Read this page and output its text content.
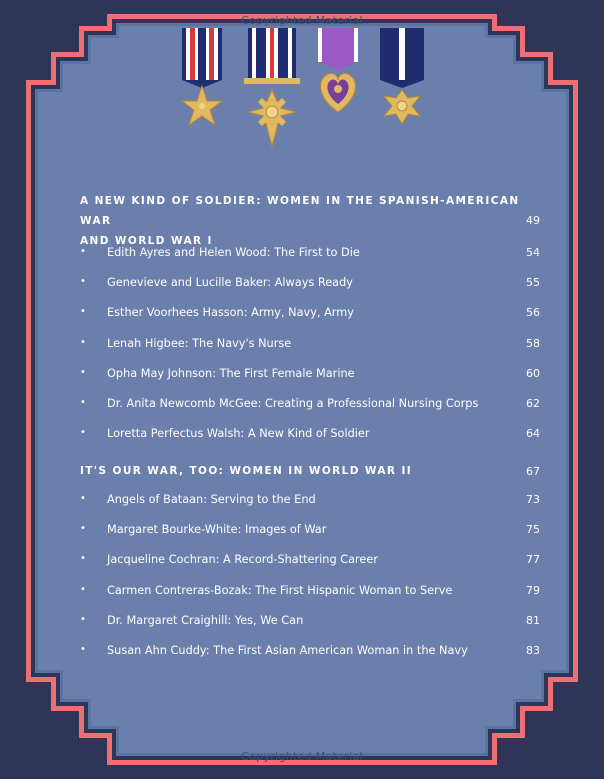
Copyrighted Material
Copyrighted Material
A NEW KIND OF SOLDIER: WOMEN IN THE SPANISH-AMERICAN WAR
AND WORLD WAR I
49
• Edith Ayres and Helen Wood: The First to Die	54
• Genevieve and Lucille Baker: Always Ready	55
• Esther Voorhees Hasson: Army, Navy, Army	56
• Lenah Higbee: The Navy's Nurse	58
• Opha May Johnson: The First Female Marine	60
• Dr. Anita Newcomb McGee: Creating a Professional Nursing Corps	62
• Loretta Perfectus Walsh: A New Kind of Soldier	64
IT'S OUR WAR, TOO: WOMEN IN WORLD WAR II	67
• Angels of Bataan: Serving to the End	73
• Margaret Bourke-White: Images of War	75
• Jacqueline Cochran: A Record-Shattering Career	77
• Carmen Contreras-Bozak: The First Hispanic Woman to Serve	79
• Dr. Margaret Craighill: Yes, We Can	81
• Susan Ahn Cuddy: The First Asian American Woman in the Navy	83
